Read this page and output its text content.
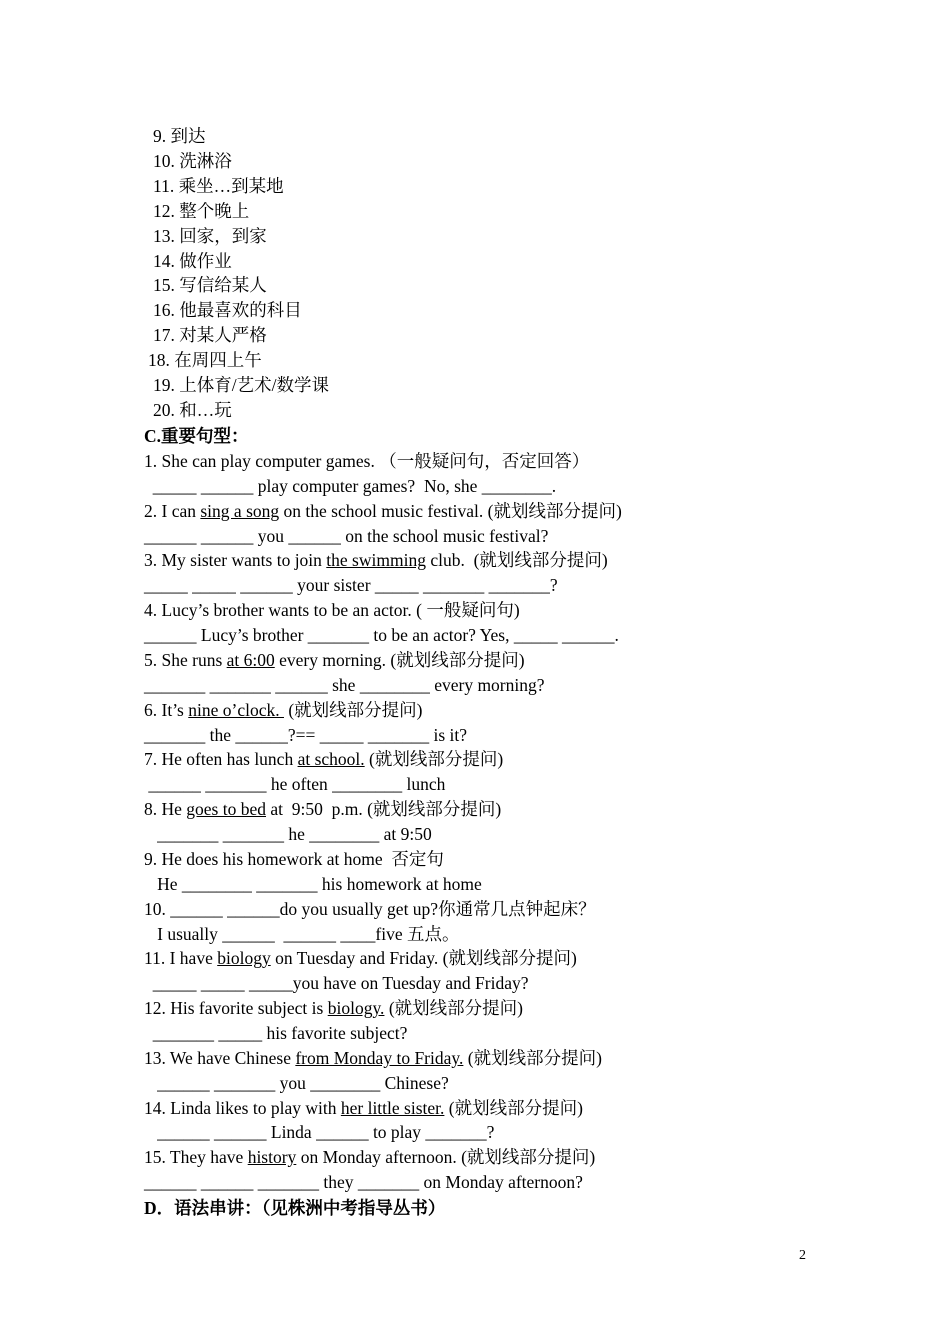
9. 到达
10. 洗淋浴
11. 乘坐…到某地
12. 整个晚上
13. 回家，到家
14. 做作业
15. 写信给某人
16. 他最喜欢的科目
17. 对某人严格
18. 在周四上午
19. 上体育/艺术/数学课
20. 和…玩
C.重要句型：
1. She can play computer games. （一般疑问句，否定回答）
_____ ______ play computer games?  No, she ________.
2. I can sing a song on the school music festival. (就划线部分提问)
______ ______ you ______ on the school music festival?
3. My sister wants to join the swimming club.  (就划线部分提问)
_____ _____ ______ your sister _____ _______ _______?
4. Lucy’s brother wants to be an actor. ( 一般疑问句)
______ Lucy’s brother _______ to be an actor? Yes, _____ ______.
5. She runs at 6:00 every morning. (就划线部分提问)
_______ _______ ______ she ________ every morning?
6. It’s nine o’clock.  (就划线部分提问)
_______ the ______?== _____ _______ is it?
7. He often has lunch at school. (就划线部分提问)
______ _______ he often ________ lunch
8. He goes to bed at  9:50  p.m. (就划线部分提问)
_______ _______ he ________ at 9:50
9. He does his homework at home  否定句
He ________ _______ his homework at home
10. ______ ______do you usually get up?你通常几点钟起床？
I usually ______  ______ ____five 五点。
11. I have biology on Tuesday and Friday. (就划线部分提问)
_____ _____ _____you have on Tuesday and Friday?
12. His favorite subject is biology. (就划线部分提问)
_______ _____ his favorite subject?
13. We have Chinese from Monday to Friday. (就划线部分提问)
______ _______ you ________ Chinese?
14. Linda likes to play with her little sister. (就划线部分提问)
______ ______ Linda ______ to play _______?
15. They have history on Monday afternoon. (就划线部分提问)
______ ______ _______ they _______ on Monday afternoon?
D．语法串讲：（见株洲中考指导丛书）
2
